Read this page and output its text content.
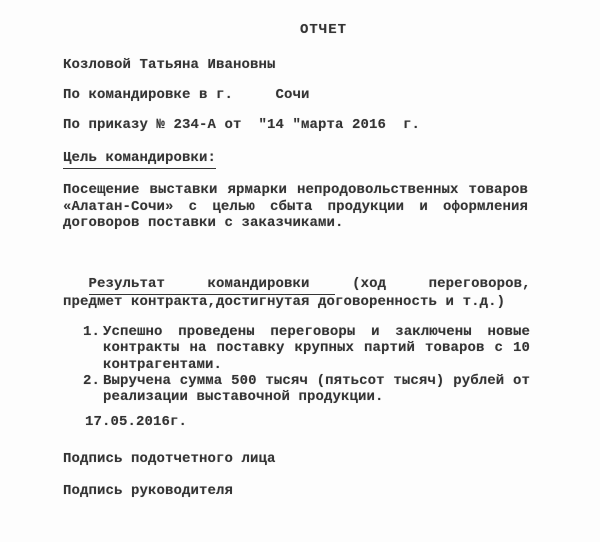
ОТЧЕТ
Козловой Татьяна Ивановны
По командировке в г.     Сочи
По приказу № 234-А от  "14 "марта 2016  г.
Цель командировки:
Посещение выставки ярмарки непродовольственных товаров «Алатан-Сочи» с целью сбыта продукции и оформления договоров поставки с заказчиками.
Результат     командировки     (ход     переговоров,
предмет контракта,достигнутая договоренность и т.д.)
1. Успешно проведены переговоры и заключены новые контракты на поставку крупных партий товаров с 10 контрагентами.
2. Выручена сумма 500 тысяч (пятьсот тысяч) рублей от реализации выставочной продукции.
17.05.2016г.
Подпись подотчетного лица
Подпись руководителя
